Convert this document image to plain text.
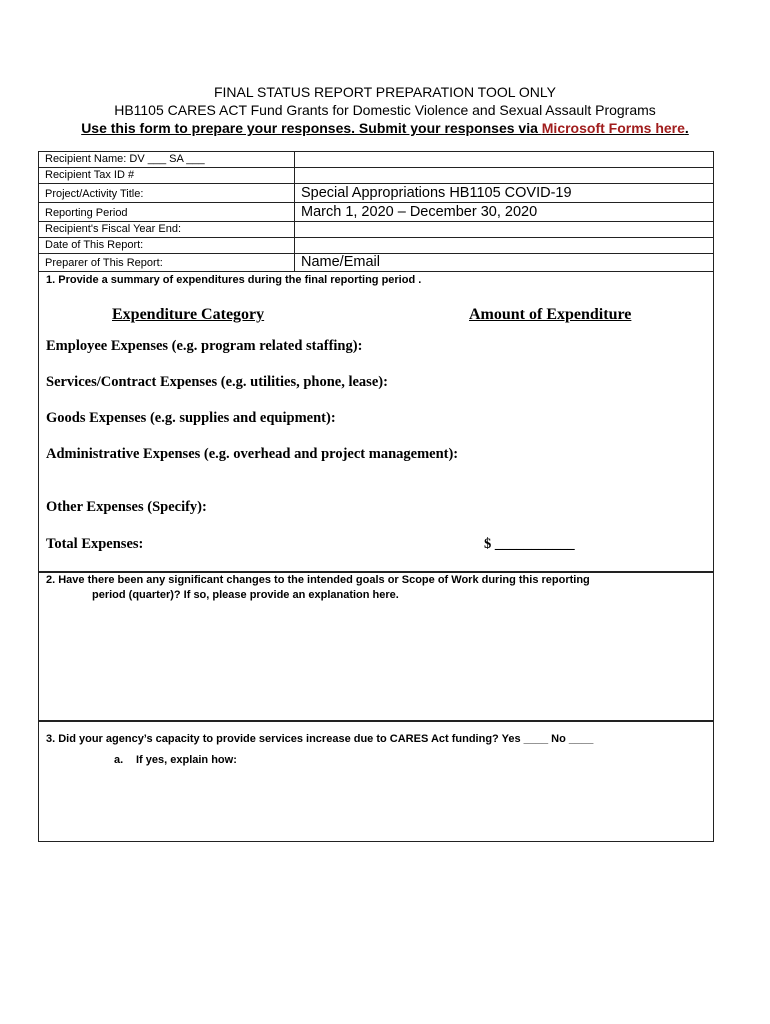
FINAL STATUS REPORT PREPARATION TOOL ONLY
HB1105 CARES ACT Fund Grants for Domestic Violence and Sexual Assault Programs
Use this form to prepare your responses. Submit your responses via Microsoft Forms here.
Recipient Name: DV ___ SA ___	
Recipient Tax ID #	
Project/Activity Title:	Special Appropriations HB1105 COVID-19
Reporting Period	March 1, 2020 – December 30, 2020
Recipient's Fiscal Year End:	
Date of This Report:	
Preparer of This Report:	Name/Email
1. Provide a summary of expenditures during the final reporting period .
Expenditure Category	Amount of Expenditure
Employee Expenses (e.g. program related staffing):
Services/Contract Expenses (e.g. utilities, phone, lease):
Goods Expenses (e.g. supplies and equipment):
Administrative Expenses (e.g. overhead and project management):
Other Expenses (Specify):
Total Expenses:	$ ___________
2. Have there been any significant changes to the intended goals or Scope of Work during this reporting
period (quarter)? If so, please provide an explanation here.
3. Did your agency’s capacity to provide services increase due to CARES Act funding? Yes ____ No ____
a. If yes, explain how:
